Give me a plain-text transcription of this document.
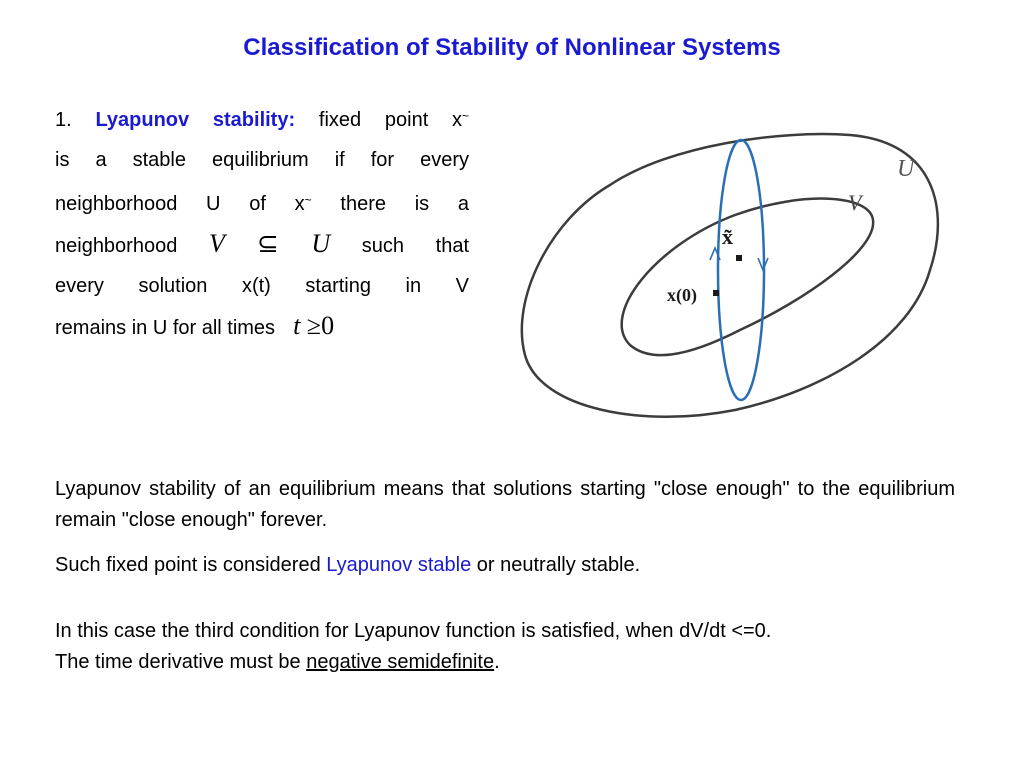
Classification of Stability of Nonlinear Systems
1. Lyapunov stability: fixed point x~
is a stable equilibrium if for every
neighborhood U of x~ there is a
neighborhood V ⊆ U such that
every solution x(t) starting in V
remains in U for all times t ≥0
U
V
x̃
x(0)
Lyapunov stability of an equilibrium means that solutions starting "close enough" to the equilibrium remain "close enough" forever.
Such fixed point is considered Lyapunov stable or neutrally stable.
In this case the third condition for Lyapunov function is satisfied, when dV/dt <=0.
The time derivative must be negative semidefinite.
